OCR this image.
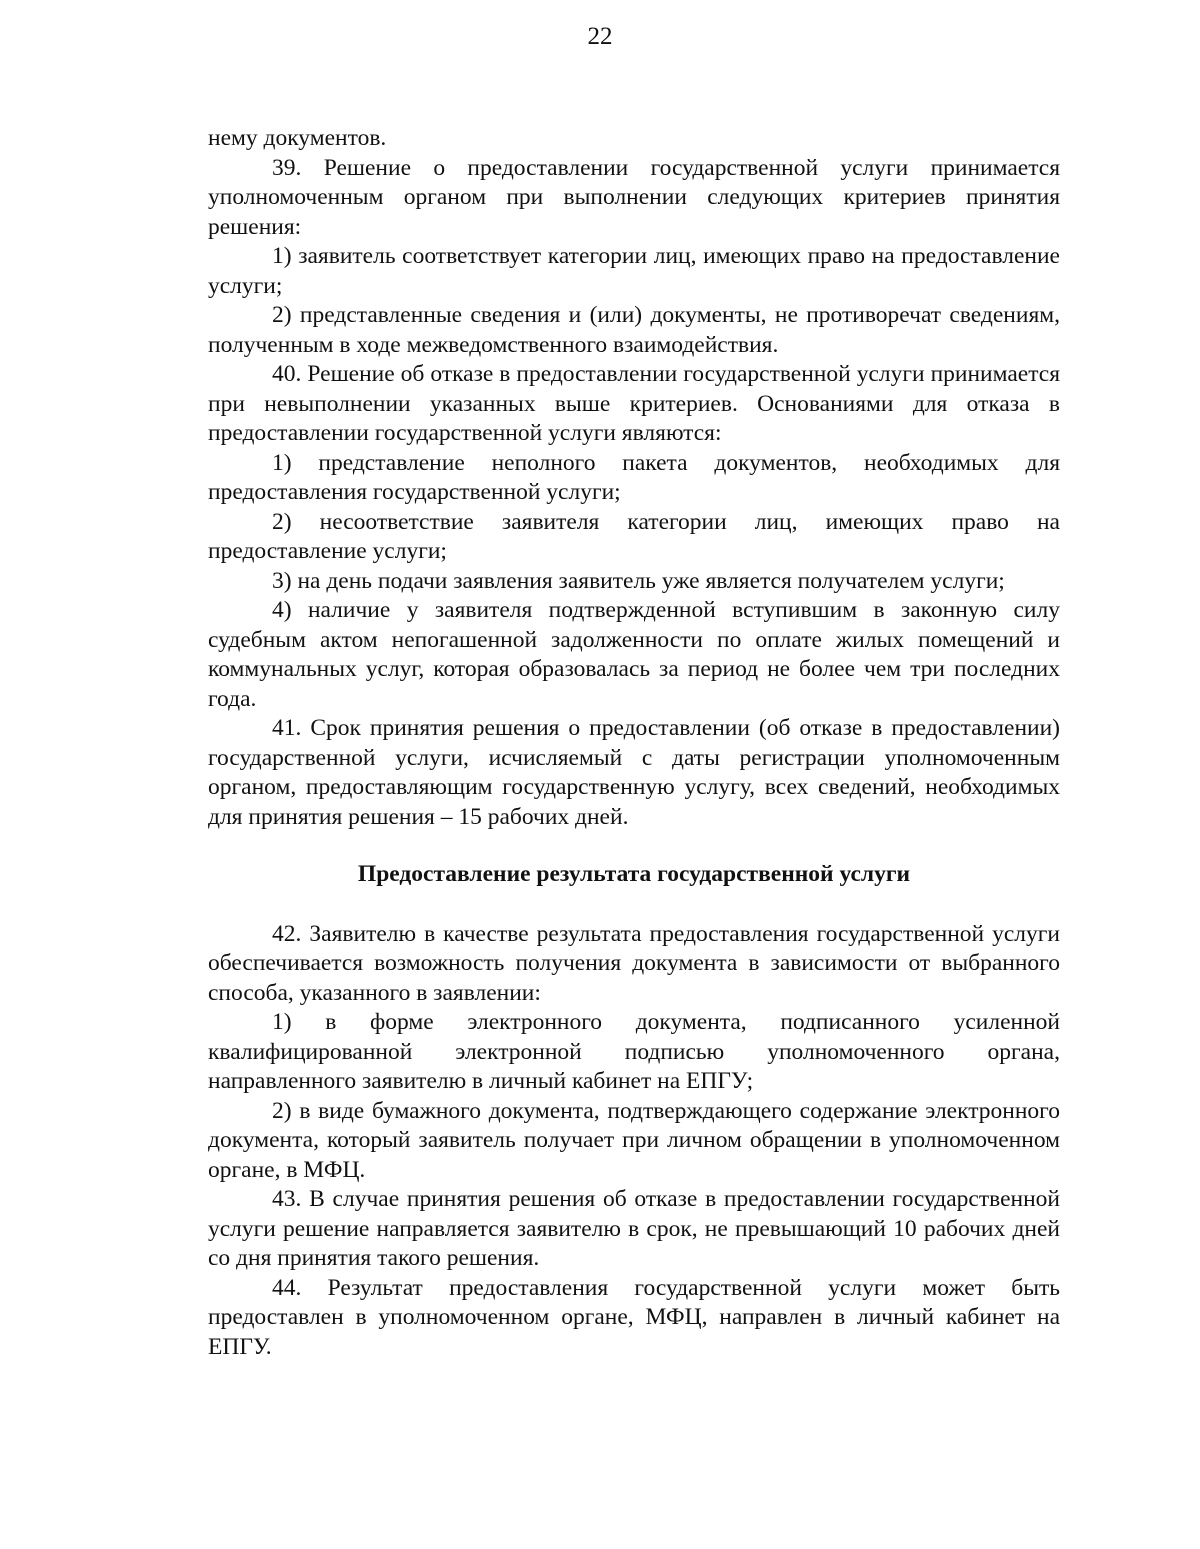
22

нему документов.

39. Решение о предоставлении государственной услуги принимается уполномоченным органом при выполнении следующих критериев принятия решения:

1) заявитель соответствует категории лиц, имеющих право на предоставление услуги;

2) представленные сведения и (или) документы, не противоречат сведениям, полученным в ходе межведомственного взаимодействия.

40. Решение об отказе в предоставлении государственной услуги принимается при невыполнении указанных выше критериев. Основаниями для отказа в предоставлении государственной услуги являются:

1) представление неполного пакета документов, необходимых для предоставления государственной услуги;

2) несоответствие заявителя категории лиц, имеющих право на предоставление услуги;

3) на день подачи заявления заявитель уже является получателем услуги;

4) наличие у заявителя подтвержденной вступившим в законную силу судебным актом непогашенной задолженности по оплате жилых помещений и коммунальных услуг, которая образовалась за период не более чем три последних года.

41. Срок принятия решения о предоставлении (об отказе в предоставлении) государственной услуги, исчисляемый с даты регистрации уполномоченным органом, предоставляющим государственную услугу, всех сведений, необходимых для принятия решения – 15 рабочих дней.

Предоставление результата государственной услуги

42. Заявителю в качестве результата предоставления государственной услуги обеспечивается возможность получения документа в зависимости от выбранного способа, указанного в заявлении:

1) в форме электронного документа, подписанного усиленной квалифицированной электронной подписью уполномоченного органа, направленного заявителю в личный кабинет на ЕПГУ;

2) в виде бумажного документа, подтверждающего содержание электронного документа, который заявитель получает при личном обращении в уполномоченном органе, в МФЦ.

43. В случае принятия решения об отказе в предоставлении государственной услуги решение направляется заявителю в срок, не превышающий 10 рабочих дней со дня принятия такого решения.

44. Результат предоставления государственной услуги может быть предоставлен в уполномоченном органе, МФЦ, направлен в личный кабинет на ЕПГУ.
